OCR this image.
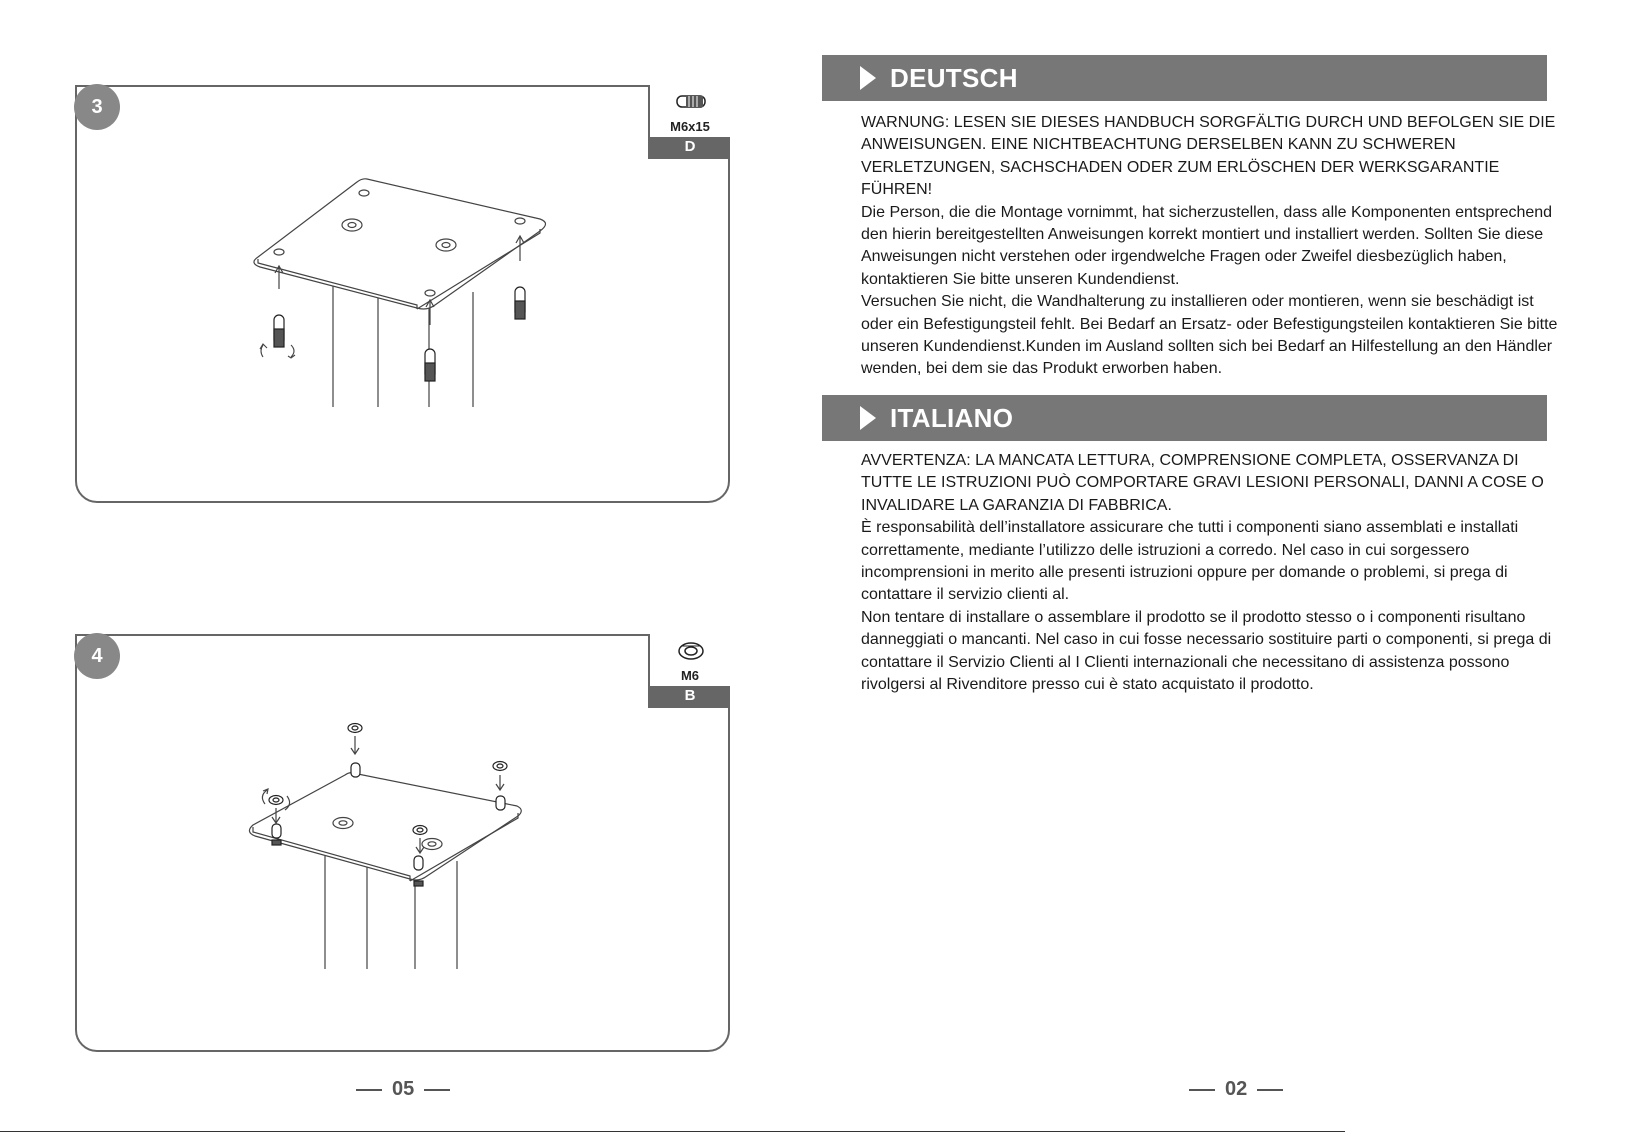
3
M6x15
D
4
M6
B
05
DEUTSCH

WARNUNG: LESEN SIE DIESES HANDBUCH SORGFÄLTIG DURCH UND BEFOLGEN SIE DIE ANWEISUNGEN. EINE NICHTBEACHTUNG DERSELBEN KANN ZU SCHWEREN VERLETZUNGEN, SACHSCHADEN ODER ZUM ERLÖSCHEN DER WERKSGARANTIE FÜHREN!

Die Person, die die Montage vornimmt, hat sicherzustellen, dass alle Komponenten entsprechend den hierin bereitgestellten Anweisungen korrekt montiert und installiert werden. Sollten Sie diese Anweisungen nicht verstehen oder irgendwelche Fragen oder Zweifel diesbezüglich haben, kontaktieren Sie bitte unseren Kundendienst.

Versuchen Sie nicht, die Wandhalterung zu installieren oder montieren, wenn sie beschädigt ist oder ein Befestigungsteil fehlt. Bei Bedarf an Ersatz- oder Befestigungsteilen kontaktieren Sie bitte unseren Kundendienst.Kunden im Ausland sollten sich bei Bedarf an Hilfestellung an den Händler wenden, bei dem sie das Produkt erworben haben.

ITALIANO

AVVERTENZA: LA MANCATA LETTURA, COMPRENSIONE COMPLETA, OSSERVANZA DI TUTTE LE ISTRUZIONI PUÒ COMPORTARE GRAVI LESIONI PERSONALI, DANNI A COSE O INVALIDARE LA GARANZIA DI FABBRICA.

È responsabilità dell’installatore assicurare che tutti i componenti siano assemblati e installati correttamente, mediante l’utilizzo delle istruzioni a corredo. Nel caso in cui sorgessero incomprensioni in merito alle presenti istruzioni oppure per domande o problemi, si prega di contattare il servizio clienti al.

Non tentare di installare o assemblare il prodotto se il prodotto stesso o i componenti risultano danneggiati o mancanti. Nel caso in cui fosse necessario sostituire parti o componenti, si prega di contattare il Servizio Clienti al I Clienti internazionali che necessitano di assistenza possono rivolgersi al Rivenditore presso cui è stato acquistato il prodotto.

02
